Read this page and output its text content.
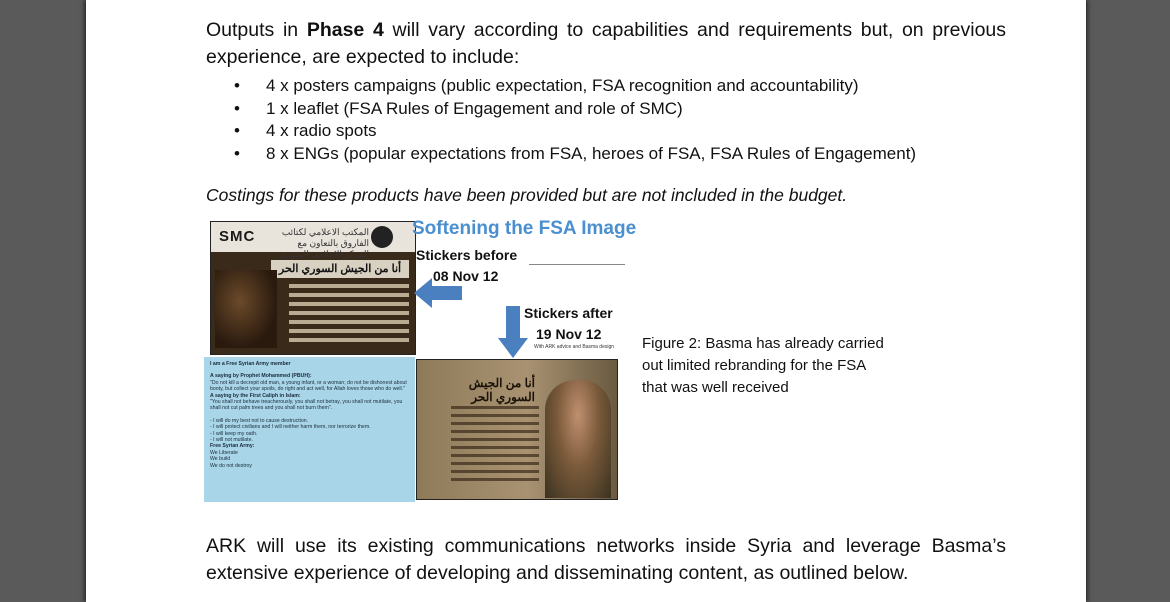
Outputs in Phase 4 will vary according to capabilities and requirements but, on previous experience, are expected to include:
• 4 x posters campaigns (public expectation, FSA recognition and accountability)
• 1 x leaflet (FSA Rules of Engagement and role of SMC)
• 4 x radio spots
• 8 x ENGs (popular expectations from FSA, heroes of FSA, FSA Rules of Engagement)
Costings for these products have been provided but are not included in the budget.
SMC	المكتب الاعلامي لكتائب الفاروق بالتعاون مع المركز الإعلامي السوري
أنا من الجيش السوري الحر
Softening the FSA Image
Stickers before
08 Nov 12
Stickers after
19 Nov 12
With ARK advice and Basma design
I am a Free Syrian Army member
A saying by Prophet Mohammed (PBUH):
"Do not kill a decrepit old man, a young infant, or a woman; do not be dishonest about booty, but collect your spoils, do right and act well, for Allah loves those who do well."
A saying by the First Caliph in Islam:
"You shall not behave treacherously, you shall not betray, you shall not mutilate, you shall not cut palm trees and you shall not burn them".
- I will do my best not to cause destruction.
- I will protect civilians and I will neither harm them, nor terrorize them.
- I will keep my oath.
- I will not mutilate.
Free Syrian Army:
We Liberate
We build
We do not destroy
أنا من الجيش السوري الحر
Figure 2: Basma has already carried
out limited rebranding for the FSA
that was well received
ARK will use its existing communications networks inside Syria and leverage Basma’s extensive experience of developing and disseminating content, as outlined below.
